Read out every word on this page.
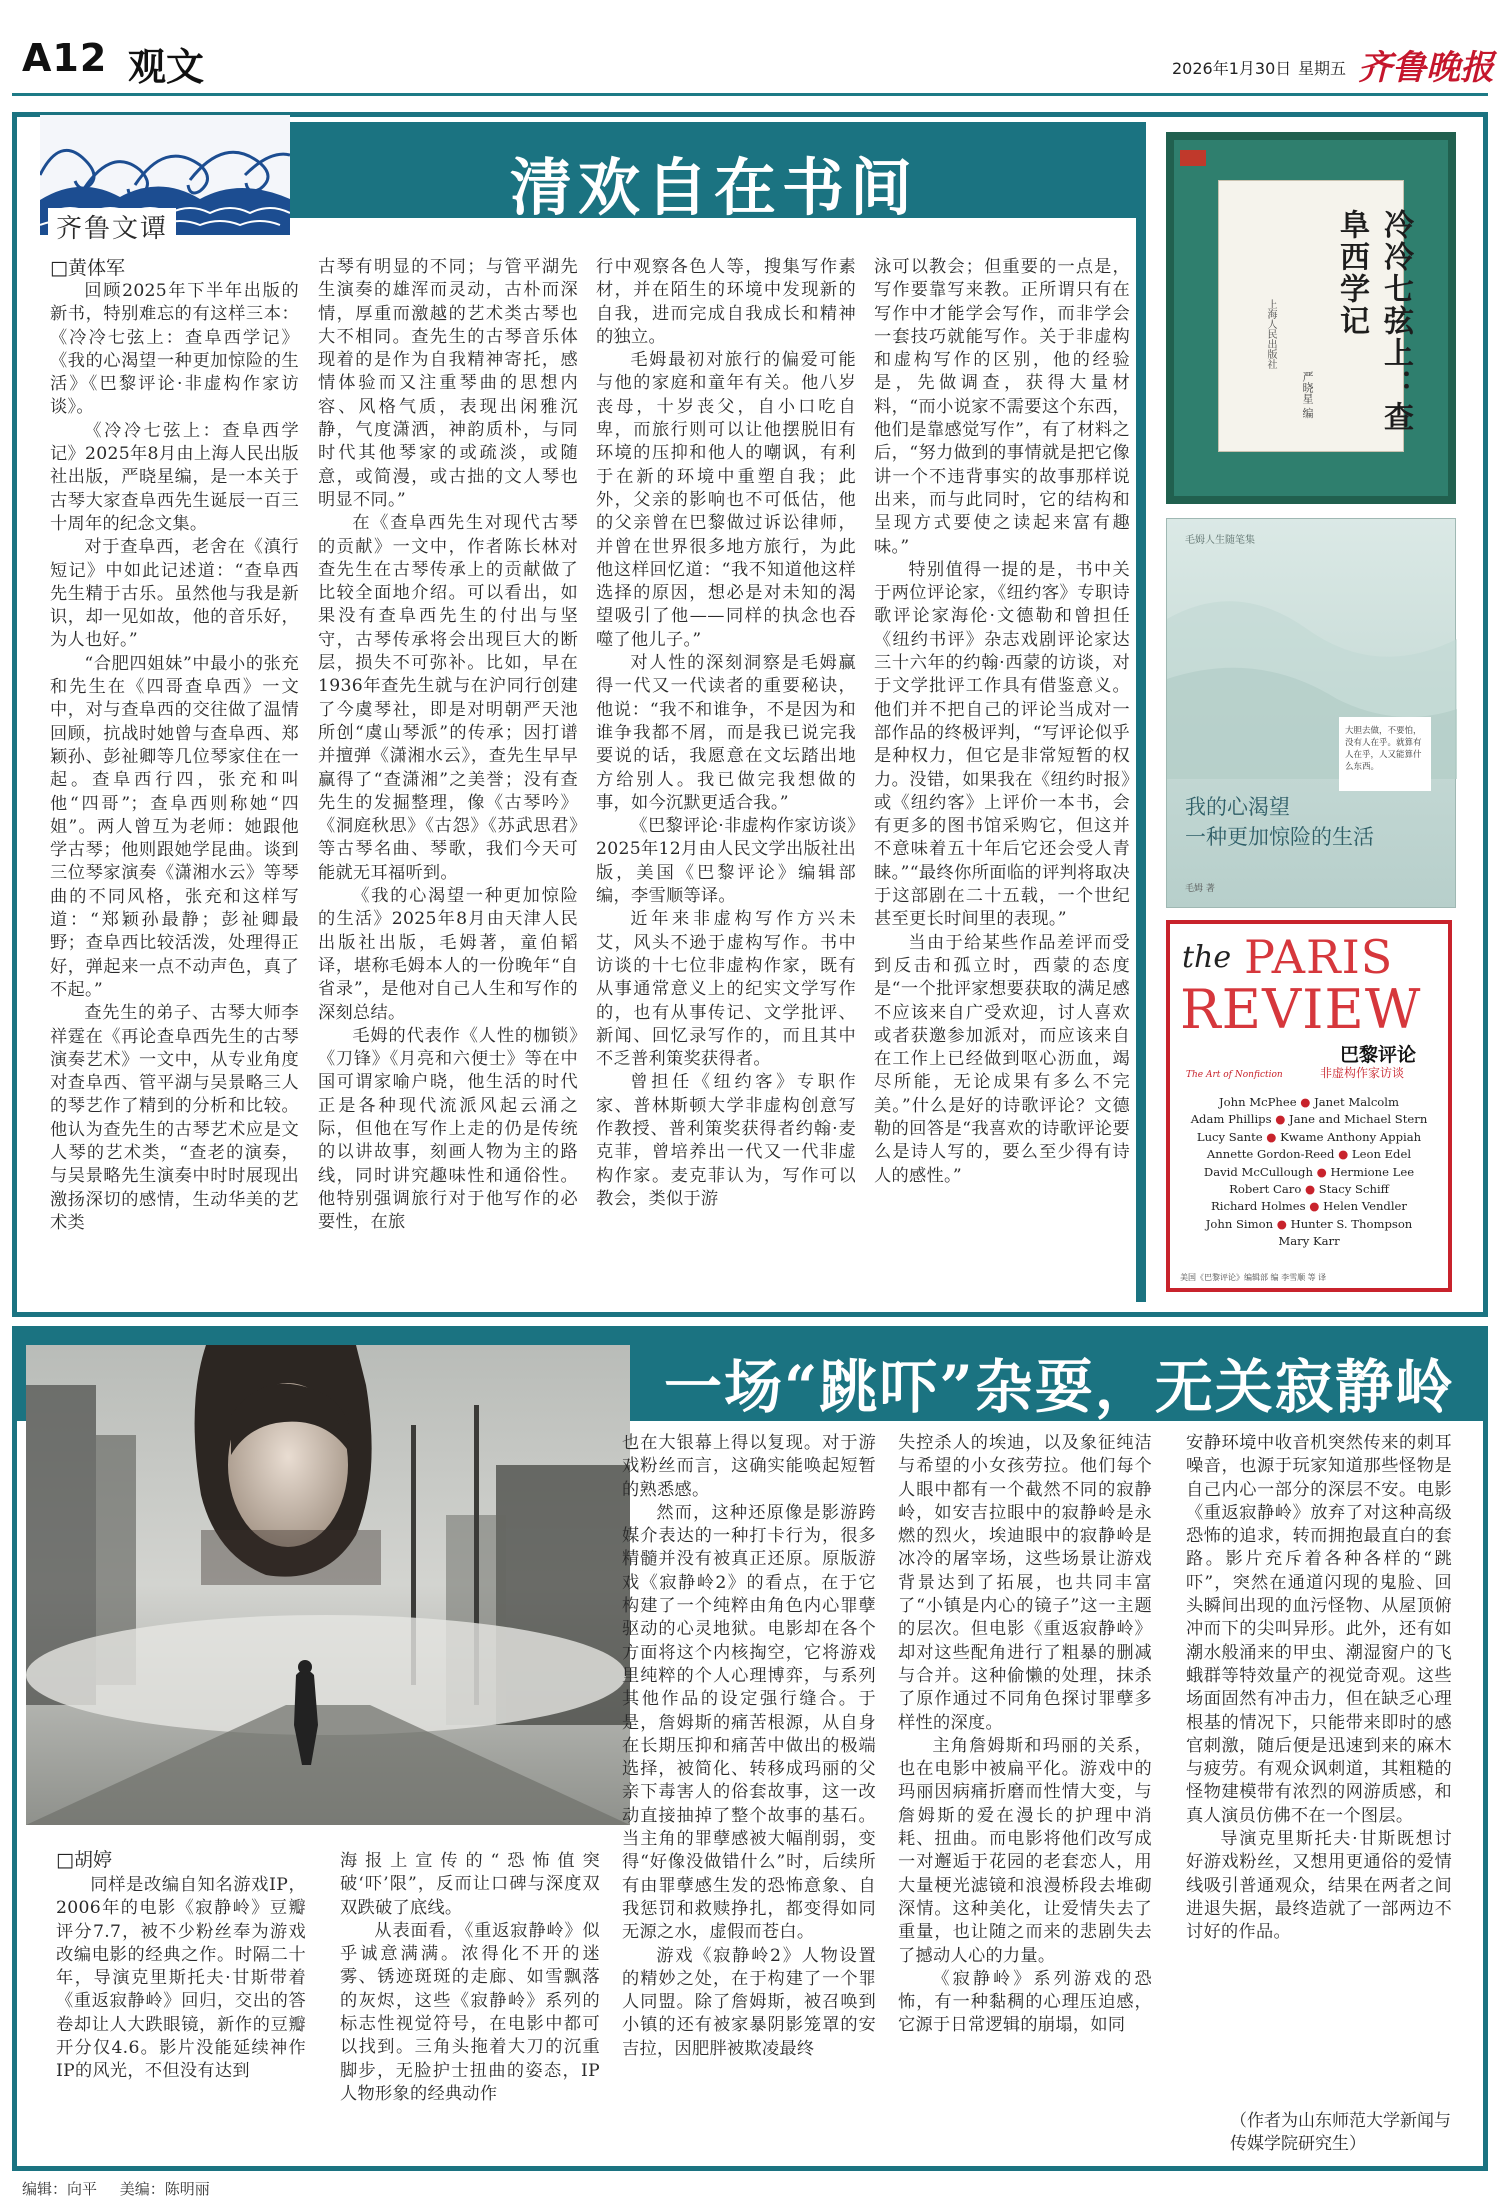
A12 观文	2026年1月30日 星期五 齐鲁晚报
清欢自在书间
齐鲁文谭
□黄体军

回顾2025年下半年出版的新书，特别难忘的有这样三本：《冷冷七弦上：查阜西学记》《我的心渴望一种更加惊险的生活》《巴黎评论·非虚构作家访谈》。

《冷冷七弦上：查阜西学记》2025年8月由上海人民出版社出版，严晓星编，是一本关于古琴大家查阜西先生诞辰一百三十周年的纪念文集。

对于查阜西，老舍在《滇行短记》中如此记述道：“查阜西先生精于古乐。虽然他与我是新识，却一见如故，他的音乐好，为人也好。”

“合肥四姐妹”中最小的张充和先生在《四哥查阜西》一文中，对与查阜西的交往做了温情回顾，抗战时她曾与查阜西、郑颖孙、彭祉卿等几位琴家住在一起。查阜西行四，张充和叫他“四哥”；查阜西则称她“四姐”。两人曾互为老师：她跟他学古琴；他则跟她学昆曲。谈到三位琴家演奏《潇湘水云》等琴曲的不同风格，张充和这样写道：“郑颖孙最静；彭祉卿最野；查阜西比较活泼，处理得正好，弹起来一点不动声色，真了不起。”

查先生的弟子、古琴大师李祥霆在《再论查阜西先生的古琴演奏艺术》一文中，从专业角度对查阜西、管平湖与吴景略三人的琴艺作了精到的分析和比较。他认为查先生的古琴艺术应是文人琴的艺术类，“查老的演奏，与吴景略先生演奏中时时展现出激扬深切的感情，生动华美的艺术类

古琴有明显的不同；与管平湖先生演奏的雄浑而灵动，古朴而深情，厚重而激越的艺术类古琴也大不相同。查先生的古琴音乐体现着的是作为自我精神寄托，感情体验而又注重琴曲的思想内容、风格气质，表现出闲雅沉静，气度潇洒，神韵质朴，与同时代其他琴家的或疏淡，或随意，或简漫，或古拙的文人琴也明显不同。”

在《查阜西先生对现代古琴的贡献》一文中，作者陈长林对查先生在古琴传承上的贡献做了比较全面地介绍。可以看出，如果没有查阜西先生的付出与坚守，古琴传承将会出现巨大的断层，损失不可弥补。比如，早在1936年查先生就与在沪同行创建了今虞琴社，即是对明朝严天池所创“虞山琴派”的传承；因打谱并擅弹《潇湘水云》，查先生早早赢得了“查潇湘”之美誉；没有查先生的发掘整理，像《古琴吟》《洞庭秋思》《古怨》《苏武思君》等古琴名曲、琴歌，我们今天可能就无耳福听到。

《我的心渴望一种更加惊险的生活》2025年8月由天津人民出版社出版，毛姆著，童伯韬译，堪称毛姆本人的一份晚年“自省录”，是他对自己人生和写作的深刻总结。

毛姆的代表作《人性的枷锁》《刀锋》《月亮和六便士》等在中国可谓家喻户晓，他生活的时代正是各种现代流派风起云涌之际，但他在写作上走的仍是传统的以讲故事，刻画人物为主的路线，同时讲究趣味性和通俗性。他特别强调旅行对于他写作的必要性，在旅

行中观察各色人等，搜集写作素材，并在陌生的环境中发现新的自我，进而完成自我成长和精神的独立。

毛姆最初对旅行的偏爱可能与他的家庭和童年有关。他八岁丧母，十岁丧父，自小口吃自卑，而旅行则可以让他摆脱旧有环境的压抑和他人的嘲讽，有利于在新的环境中重塑自我；此外，父亲的影响也不可低估，他的父亲曾在巴黎做过诉讼律师，并曾在世界很多地方旅行，为此他这样回忆道：“我不知道他这样选择的原因，想必是对未知的渴望吸引了他——同样的执念也吞噬了他儿子。”

对人性的深刻洞察是毛姆赢得一代又一代读者的重要秘诀，他说：“我不和谁争，不是因为和谁争我都不屑，而是我已说完我要说的话，我愿意在文坛踏出地方给别人。我已做完我想做的事，如今沉默更适合我。”

《巴黎评论·非虚构作家访谈》2025年12月由人民文学出版社出版，美国《巴黎评论》编辑部编，李雪顺等译。

近年来非虚构写作方兴未艾，风头不逊于虚构写作。书中访谈的十七位非虚构作家，既有从事通常意义上的纪实文学写作的，也有从事传记、文学批评、新闻、回忆录写作的，而且其中不乏普利策奖获得者。

曾担任《纽约客》专职作家、普林斯顿大学非虚构创意写作教授、普利策奖获得者约翰·麦克菲，曾培养出一代又一代非虚构作家。麦克菲认为，写作可以教会，类似于游

泳可以教会；但重要的一点是，写作要靠写来教。正所谓只有在写作中才能学会写作，而非学会一套技巧就能写作。关于非虚构和虚构写作的区别，他的经验是，先做调查，获得大量材料，“而小说家不需要这个东西，他们是靠感觉写作”，有了材料之后，“努力做到的事情就是把它像讲一个不违背事实的故事那样说出来，而与此同时，它的结构和呈现方式要使之读起来富有趣味。”

特别值得一提的是，书中关于两位评论家，《纽约客》专职诗歌评论家海伦·文德勒和曾担任《纽约书评》杂志戏剧评论家达三十六年的约翰·西蒙的访谈，对于文学批评工作具有借鉴意义。他们并不把自己的评论当成对一部作品的终极评判，“写评论似乎是种权力，但它是非常短暂的权力。没错，如果我在《纽约时报》或《纽约客》上评价一本书，会有更多的图书馆采购它，但这并不意味着五十年后它还会受人青睐。”“最终你所面临的评判将取决于这部剧在二十五载，一个世纪甚至更长时间里的表现。”

当由于给某些作品差评而受到反击和孤立时，西蒙的态度是“一个批评家想要获取的满足感不应该来自广受欢迎，讨人喜欢或者获邀参加派对，而应该来自在工作上已经做到呕心沥血，竭尽所能，无论成果有多么不完美。”什么是好的诗歌评论？文德勒的回答是“我喜欢的诗歌评论要么是诗人写的，要么至少得有诗人的感性。”

冷冷七弦上：查阜西学记
上海人民出版社
严晓星 编
毛姆人生随笔集
大胆去做，不要怕，没有人在乎。就算有人在乎，人又能算什么东西。
我的心渴望
一种更加惊险的生活
毛姆 著
the PARIS
REVIEW
The Art of Nonfiction
巴黎评论
非虚构作家访谈
John McPhee ● Janet Malcolm
Adam Phillips ● Jane and Michael Stern
Lucy Sante ● Kwame Anthony Appiah
Annette Gordon-Reed ● Leon Edel
David McCullough ● Hermione Lee
Robert Caro ● Stacy Schiff
Richard Holmes ● Helen Vendler
John Simon ● Hunter S. Thompson
Mary Karr
美国《巴黎评论》编辑部 编 李雪顺 等 译
一场“跳吓”杂耍，无关寂静岭
□胡婷

同样是改编自知名游戏IP，2006年的电影《寂静岭》豆瓣评分7.7，被不少粉丝奉为游戏改编电影的经典之作。时隔二十年，导演克里斯托夫·甘斯带着《重返寂静岭》回归，交出的答卷却让人大跌眼镜，新作的豆瓣开分仅4.6。影片没能延续神作IP的风光，不但没有达到

海报上宣传的“恐怖值突破‘吓’限”，反而让口碑与深度双双跌破了底线。

从表面看，《重返寂静岭》似乎诚意满满。浓得化不开的迷雾、锈迹斑斑的走廊、如雪飘落的灰烬，这些《寂静岭》系列的标志性视觉符号，在电影中都可以找到。三角头拖着大刀的沉重脚步，无脸护士扭曲的姿态，IP人物形象的经典动作

也在大银幕上得以复现。对于游戏粉丝而言，这确实能唤起短暂的熟悉感。

然而，这种还原像是影游跨媒介表达的一种打卡行为，很多精髓并没有被真正还原。原版游戏《寂静岭2》的看点，在于它构建了一个纯粹由角色内心罪孽驱动的心灵地狱。电影却在各个方面将这个内核掏空，它将游戏里纯粹的个人心理博弈，与系列其他作品的设定强行缝合。于是，詹姆斯的痛苦根源，从自身在长期压抑和痛苦中做出的极端选择，被简化、转移成玛丽的父亲下毒害人的俗套故事，这一改动直接抽掉了整个故事的基石。当主角的罪孽感被大幅削弱，变得“好像没做错什么”时，后续所有由罪孽感生发的恐怖意象、自我惩罚和救赎挣扎，都变得如同无源之水，虚假而苍白。

游戏《寂静岭2》人物设置的精妙之处，在于构建了一个罪人同盟。除了詹姆斯，被召唤到小镇的还有被家暴阴影笼罩的安吉拉，因肥胖被欺凌最终

失控杀人的埃迪，以及象征纯洁与希望的小女孩劳拉。他们每个人眼中都有一个截然不同的寂静岭，如安吉拉眼中的寂静岭是永燃的烈火，埃迪眼中的寂静岭是冰冷的屠宰场，这些场景让游戏背景达到了拓展，也共同丰富了“小镇是内心的镜子”这一主题的层次。但电影《重返寂静岭》却对这些配角进行了粗暴的删减与合并。这种偷懒的处理，抹杀了原作通过不同角色探讨罪孽多样性的深度。

主角詹姆斯和玛丽的关系，也在电影中被扁平化。游戏中的玛丽因病痛折磨而性情大变，与詹姆斯的爱在漫长的护理中消耗、扭曲。而电影将他们改写成一对邂逅于花园的老套恋人，用大量梗光滤镜和浪漫桥段去堆砌深情。这种美化，让爱情失去了重量，也让随之而来的悲剧失去了撼动人心的力量。

《寂静岭》系列游戏的恐怖，有一种黏稠的心理压迫感，它源于日常逻辑的崩塌，如同

安静环境中收音机突然传来的刺耳噪音，也源于玩家知道那些怪物是自己内心一部分的深层不安。电影《重返寂静岭》放弃了对这种高级恐怖的追求，转而拥抱最直白的套路。影片充斥着各种各样的“跳吓”，突然在通道闪现的鬼脸、回头瞬间出现的血污怪物、从屋顶俯冲而下的尖叫异形。此外，还有如潮水般涌来的甲虫、潮湿窗户的飞蛾群等特效量产的视觉奇观。这些场面固然有冲击力，但在缺乏心理根基的情况下，只能带来即时的感官刺激，随后便是迅速到来的麻木与疲劳。有观众讽刺道，其粗糙的怪物建模带有浓烈的网游质感，和真人演员仿佛不在一个图层。

导演克里斯托夫·甘斯既想讨好游戏粉丝，又想用更通俗的爱情线吸引普通观众，结果在两者之间进退失据，最终造就了一部两边不讨好的作品。

（作者为山东师范大学新闻与传媒学院研究生）
编辑：向平 美编：陈明丽
